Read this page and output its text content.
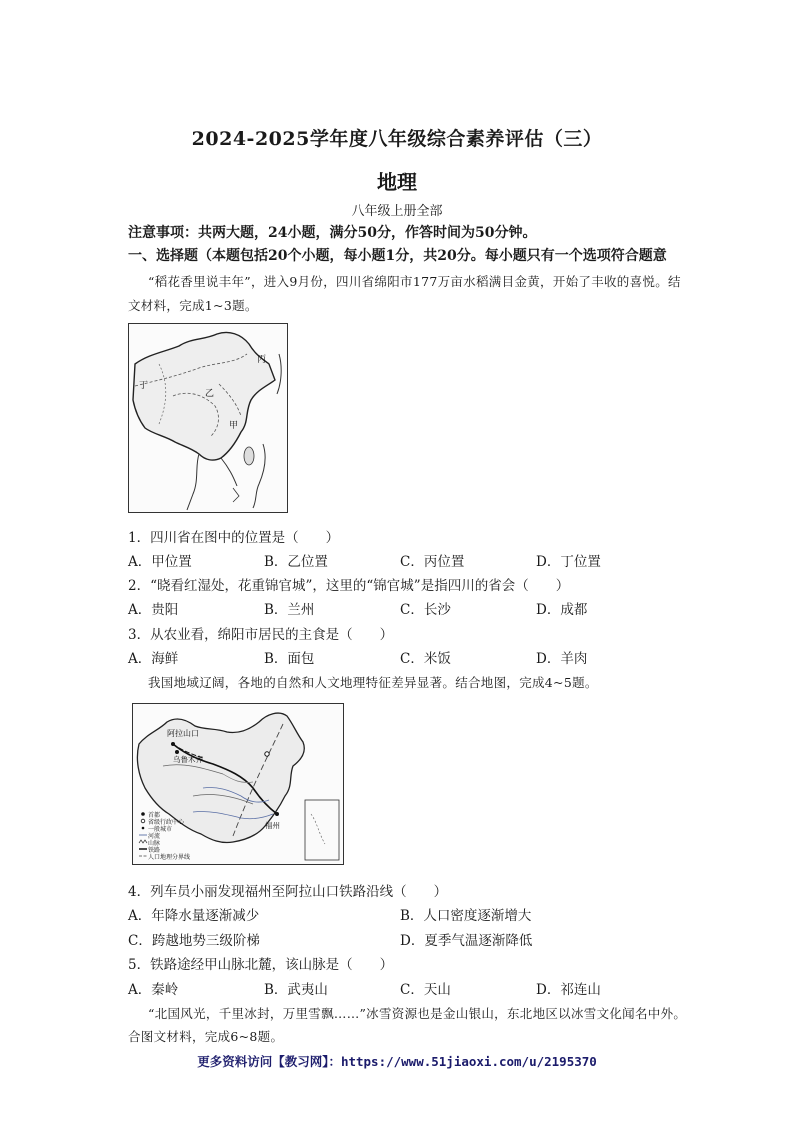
2024-2025学年度八年级综合素养评估（三）
地理
八年级上册全部
注意事项：共两大题，24小题，满分50分，作答时间为50分钟。
一、选择题（本题包括20个小题，每小题1分，共20分。每小题只有一个选项符合题意
“稻花香里说丰年”，进入9月份，四川省绵阳市177万亩水稻满目金黄，开始了丰收的喜悦。结
文材料，完成1~3题。
丙
丁
乙
甲
1．四川省在图中的位置是（　　）
A．甲位置	B．乙位置	C．丙位置	D．丁位置
2．“晓看红湿处，花重锦官城”，这里的“锦官城”是指四川的省会（　　）
A．贵阳	B．兰州	C．长沙	D．成都
3．从农业看，绵阳市居民的主食是（　　）
A．海鲜	B．面包	C．米饭	D．羊肉
我国地域辽阔，各地的自然和人文地理特征差异显著。结合地图，完成4~5题。
阿拉山口
乌鲁木齐
福州
首都
省级行政中心
一般城市
河流
山脉
铁路
人口地理分界线
4．列车员小丽发现福州至阿拉山口铁路沿线（　　）
A．年降水量逐渐减少	B．人口密度逐渐增大
C．跨越地势三级阶梯	D．夏季气温逐渐降低
5．铁路途经甲山脉北麓，该山脉是（　　）
A．秦岭	B．武夷山	C．天山	D．祁连山
“北国风光，千里冰封，万里雪飘……”冰雪资源也是金山银山，东北地区以冰雪文化闻名中外。
合图文材料，完成6~8题。
更多资料访问【教习网】：https://www.51jiaoxi.com/u/2195370
